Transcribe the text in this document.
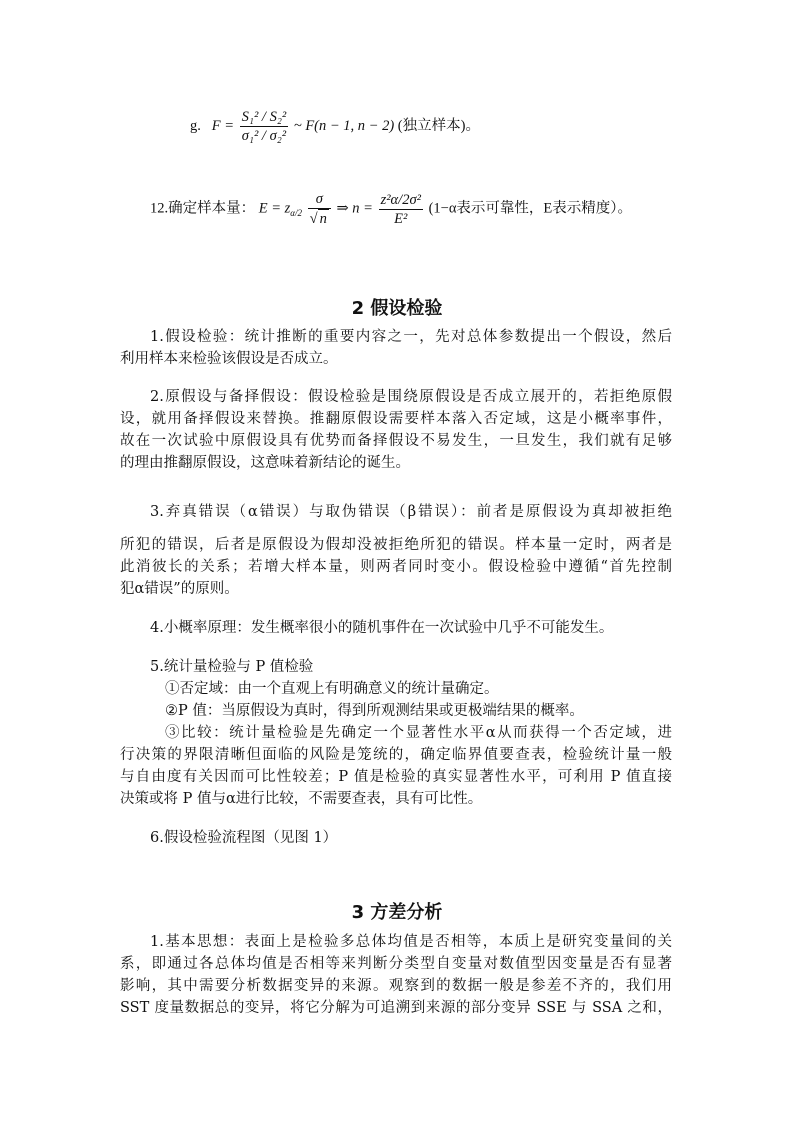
g. $F = \frac{\text{S₁² / S₂²}}{\text{σ₁² / σ₂²}}$ ~ F(n − 1, n − 2) (独立样本)。
12.确定样本量： $E = z_{\alpha/2} \frac{\sigma}{√ n}$ ⇒ $n = \frac{\text{z²α/2σ²}}{\text{E²}} (1-\alpha$表示可靠性，E表示精度）。
2 假设检验
1.假设检验：统计推断的重要内容之一，先对总体参数提出一个假设，然后
利用样本来检验该假设是否成立。
2.原假设与备择假设：假设检验是围绕原假设是否成立展开的，若拒绝原假
设，就用备择假设来替换。推翻原假设需要样本落入否定域，这是小概率事件，
故在一次试验中原假设具有优势而备择假设不易发生，一旦发生，我们就有足够
的理由推翻原假设，这意味着新结论的诞生。
3.弃真错误（α错误）与取伪错误（β错误）：前者是原假设为真却被拒绝
所犯的错误，后者是原假设为假却没被拒绝所犯的错误。样本量一定时，两者是
此消彼长的关系；若增大样本量，则两者同时变小。假设检验中遵循“首先控制
犯α错误”的原则。
4.小概率原理：发生概率很小的随机事件在一次试验中几乎不可能发生。
5.统计量检验与 P 值检验
①否定域：由一个直观上有明确意义的统计量确定。
②P 值：当原假设为真时，得到所观测结果或更极端结果的概率。
③比较：统计量检验是先确定一个显著性水平α从而获得一个否定域，进
行决策的界限清晰但面临的风险是笼统的，确定临界值要查表，检验统计量一般
与自由度有关因而可比性较差；P 值是检验的真实显著性水平，可利用 P 值直接
决策或将 P 值与α进行比较，不需要查表，具有可比性。
6.假设检验流程图（见图 1）
3 方差分析
1.基本思想：表面上是检验多总体均值是否相等，本质上是研究变量间的关
系，即通过各总体均值是否相等来判断分类型自变量对数值型因变量是否有显著
影响，其中需要分析数据变异的来源。观察到的数据一般是参差不齐的，我们用
SST 度量数据总的变异，将它分解为可追溯到来源的部分变异 SSE 与 SSA 之和，
